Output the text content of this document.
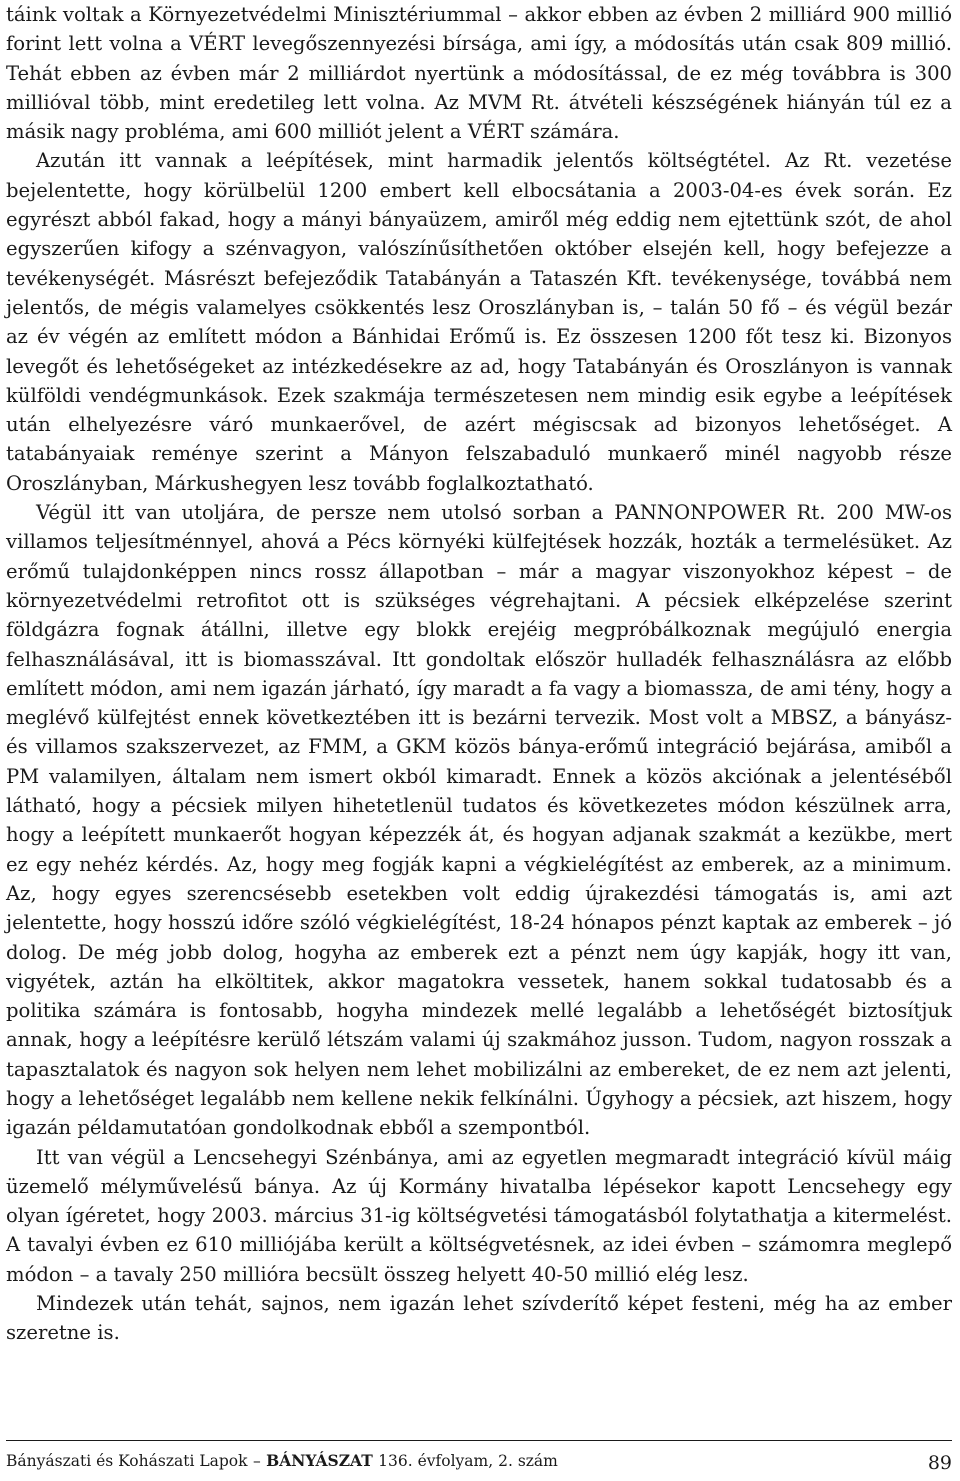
táink voltak a Környezetvédelmi Minisztériummal – akkor ebben az évben 2 milliárd 900 millió forint lett volna a VÉRT levegőszennyezési bírsága, ami így, a módosítás után csak 809 millió. Tehát ebben az évben már 2 milliárdot nyertünk a módosítással, de ez még továbbra is 300 millióval több, mint eredetileg lett volna. Az MVM Rt. átvételi készségének hiányán túl ez a másik nagy probléma, ami 600 milliót jelent a VÉRT számára.

Azután itt vannak a leépítések, mint harmadik jelentős költségtétel. Az Rt. vezetése bejelentette, hogy körülbelül 1200 embert kell elbocsátania a 2003-04-es évek során. Ez egyrészt abból fakad, hogy a mányi bányaüzem, amiről még eddig nem ejtettünk szót, de ahol egyszerűen kifogy a szénvagyon, valószínűsíthetően október elsején kell, hogy befejezze a tevékenységét. Másrészt befejeződik Tatabányán a Tataszén Kft. tevékenysége, továbbá nem jelentős, de mégis valamelyes csökkentés lesz Oroszlányban is, – talán 50 fő – és végül bezár az év végén az említett módon a Bánhidai Erőmű is. Ez összesen 1200 főt tesz ki. Bizonyos levegőt és lehetőségeket az intézkedésekre az ad, hogy Tatabányán és Oroszlányon is vannak külföldi vendégmunkások. Ezek szakmája természetesen nem mindig esik egybe a leépítések után elhelyezésre váró munkaerővel, de azért mégiscsak ad bizonyos lehetőséget. A tatabányaiak reménye szerint a Mányon felszabaduló munkaerő minél nagyobb része Oroszlányban, Márkushegyen lesz tovább foglalkoztatható.

Végül itt van utoljára, de persze nem utolsó sorban a PANNONPOWER Rt. 200 MW-os villamos teljesítménnyel, ahová a Pécs környéki külfejtések hozzák, hozták a termelésüket. Az erőmű tulajdonképpen nincs rossz állapotban – már a magyar viszonyokhoz képest – de környezetvédelmi retrofitot ott is szükséges végrehajtani. A pécsiek elképzelése szerint földgázra fognak átállni, illetve egy blokk erejéig megpróbálkoznak megújuló energia felhasználásával, itt is biomasszával. Itt gondoltak először hulladék felhasználásra az előbb említett módon, ami nem igazán járható, így maradt a fa vagy a biomassza, de ami tény, hogy a meglévő külfejtést ennek következtében itt is bezárni tervezik. Most volt a MBSZ, a bányász- és villamos szakszervezet, az FMM, a GKM közös bánya-erőmű integráció bejárása, amiből a PM valamilyen, általam nem ismert okból kimaradt. Ennek a közös akciónak a jelentéséből látható, hogy a pécsiek milyen hihetetlenül tudatos és következetes módon készülnek arra, hogy a leépített munkaerőt hogyan képezzék át, és hogyan adjanak szakmát a kezükbe, mert ez egy nehéz kérdés. Az, hogy meg fogják kapni a végkielégítést az emberek, az a minimum. Az, hogy egyes szerencsésebb esetekben volt eddig újrakezdési támogatás is, ami azt jelentette, hogy hosszú időre szóló végkielégítést, 18-24 hónapos pénzt kaptak az emberek – jó dolog. De még jobb dolog, hogyha az emberek ezt a pénzt nem úgy kapják, hogy itt van, vigyétek, aztán ha elköltitek, akkor magatokra vessetek, hanem sokkal tudatosabb és a politika számára is fontosabb, hogyha mindezek mellé legalább a lehetőségét biztosítjuk annak, hogy a leépítésre kerülő létszám valami új szakmához jusson. Tudom, nagyon rosszak a tapasztalatok és nagyon sok helyen nem lehet mobilizálni az embereket, de ez nem azt jelenti, hogy a lehetőséget legalább nem kellene nekik felkínálni. Úgyhogy a pécsiek, azt hiszem, hogy igazán példamutatóan gondolkodnak ebből a szempontból.

Itt van végül a Lencsehegyi Szénbánya, ami az egyetlen megmaradt integráció kívül máig üzemelő mélyművelésű bánya. Az új Kormány hivatalba lépésekor kapott Lencsehegy egy olyan ígéretet, hogy 2003. március 31-ig költségvetési támogatásból folytathatja a kitermelést. A tavalyi évben ez 610 milliójába került a költségvetésnek, az idei évben – számomra meglepő módon – a tavaly 250 millióra becsült összeg helyett 40-50 millió elég lesz.

Mindezek után tehát, sajnos, nem igazán lehet szívderítő képet festeni, még ha az ember szeretne is.

Bányászati és Kohászati Lapok – BÁNYÁSZAT 136. évfolyam, 2. szám	89
